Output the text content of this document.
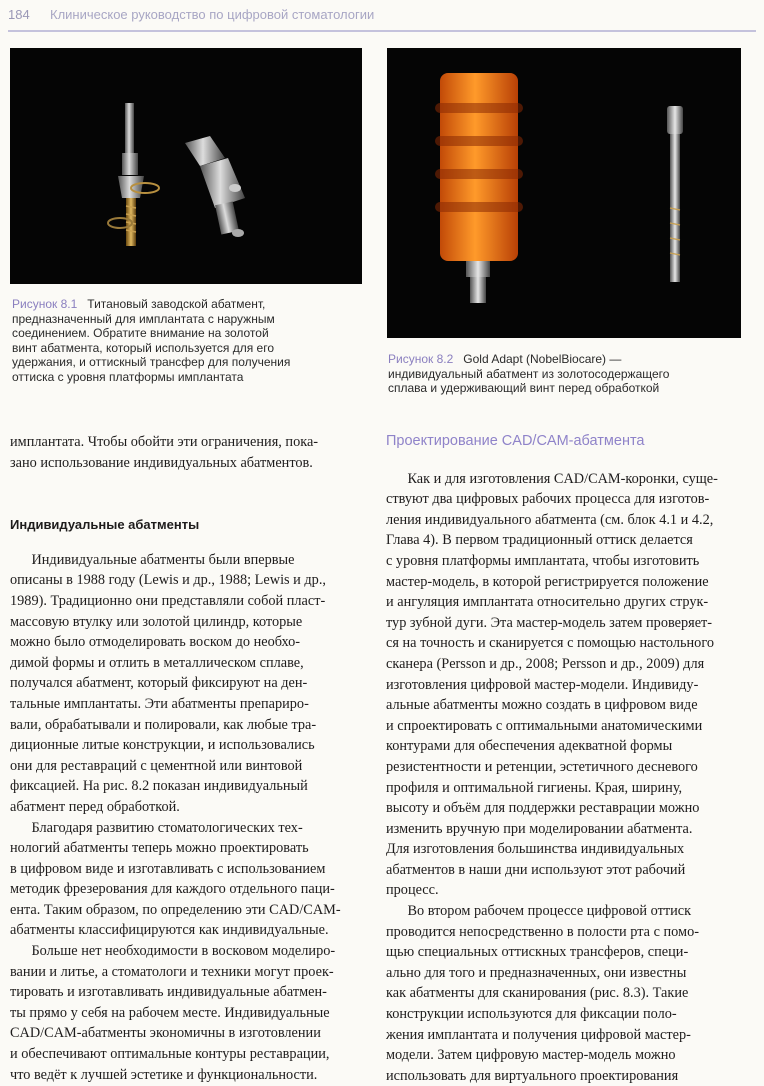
184 Клиническое руководство по цифровой стоматологии
Рисунок 8.1 Титановый заводской абатмент,
предназначенный для имплантата с наружным
соединением. Обратите внимание на золотой
винт абатмента, который используется для его
удержания, и оттискный трансфер для получения
оттиска с уровня платформы имплантата
Рисунок 8.2 Gold Adapt (NobelBiocare) —
индивидуальный абатмент из золотосодержащего
сплава и удерживающий винт перед обработкой

имплантата. Чтобы обойти эти ограничения, пока-
зано использование индивидуальных абатментов.

Индивидуальные абатменты

  Индивидуальные абатменты были впервые
описаны в 1988 году (Lewis и др., 1988; Lewis и др.,
1989). Традиционно они представляли собой пласт-
массовую втулку или золотой цилиндр, которые
можно было отмоделировать воском до необхо-
димой формы и отлить в металлическом сплаве,
получался абатмент, который фиксируют на ден-
тальные имплантаты. Эти абатменты препариро-
вали, обрабатывали и полировали, как любые тра-
диционные литые конструкции, и использовались
они для реставраций с цементной или винтовой
фиксацией. На рис. 8.2 показан индивидуальный
абатмент перед обработкой.

  Благодаря развитию стоматологических тех-
нологий абатменты теперь можно проектировать
в цифровом виде и изготавливать с использованием
методик фрезерования для каждого отдельного паци-
ента. Таким образом, по определению эти CAD/CAM-
абатменты классифицируются как индивидуальные.

  Больше нет необходимости в восковом моделиро-
вании и литье, а стоматологи и техники могут проек-
тировать и изготавливать индивидуальные абатмен-
ты прямо у себя на рабочем месте. Индивидуальные
CAD/CAM-абатменты экономичны в изготовлении
и обеспечивают оптимальные контуры реставрации,
что ведёт к лучшей эстетике и функциональности.

Проектирование CAD/CAM-абатмента

  Как и для изготовления CAD/CAM-коронки, суще-
ствуют два цифровых рабочих процесса для изготов-
ления индивидуального абатмента (см. блок 4.1 и 4.2,
Глава 4). В первом традиционный оттиск делается
с уровня платформы имплантата, чтобы изготовить
мастер-модель, в которой регистрируется положение
и ангуляция имплантата относительно других струк-
тур зубной дуги. Эта мастер-модель затем проверяет-
ся на точность и сканируется с помощью настольного
сканера (Persson и др., 2008; Persson и др., 2009) для
изготовления цифровой мастер-модели. Индивиду-
альные абатменты можно создать в цифровом виде
и спроектировать с оптимальными анатомическими
контурами для обеспечения адекватной формы
резистентности и ретенции, эстетичного десневого
профиля и оптимальной гигиены. Края, ширину,
высоту и объём для поддержки реставрации можно
изменить вручную при моделировании абатмента.
Для изготовления большинства индивидуальных
абатментов в наши дни используют этот рабочий
процесс.

  Во втором рабочем процессе цифровой оттиск
проводится непосредственно в полости рта с помо-
щью специальных оттискных трансферов, специ-
ально для того и предназначенных, они известны
как абатменты для сканирования (рис. 8.3). Такие
конструкции используются для фиксации поло-
жения имплантата и получения цифровой мастер-
модели. Затем цифровую мастер-модель можно
использовать для виртуального проектирования
